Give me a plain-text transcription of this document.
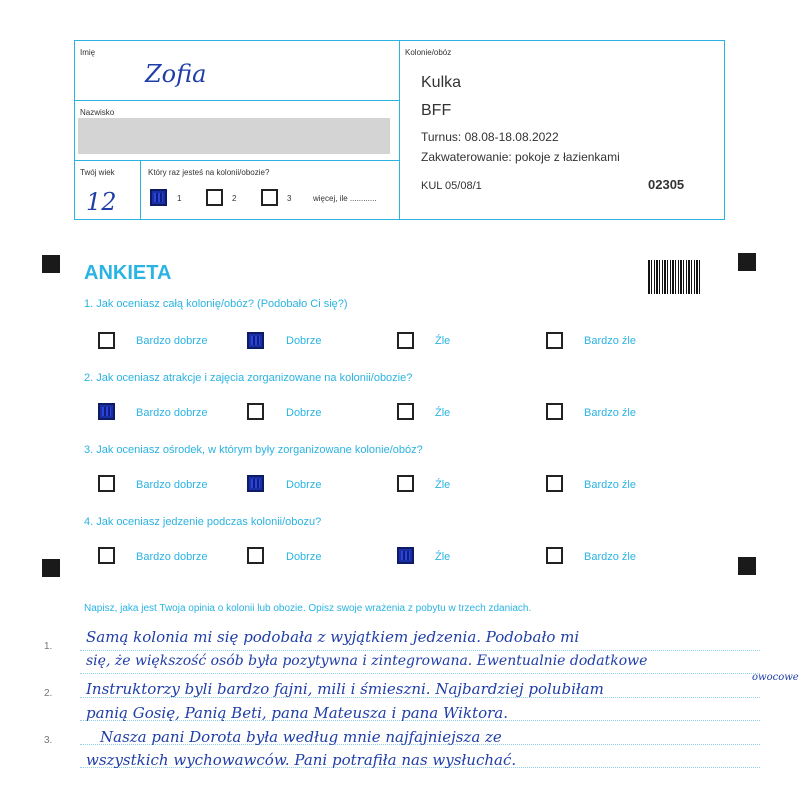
Imię
Zofia
Nazwisko
Twój wiek
12
Który raz jesteś na kolonii/obozie?
1	2	3	więcej, ile ............
Kolonie/obóz
Kulka
BFF
Turnus: 08.08-18.08.2022
Zakwaterowanie: pokoje z łazienkami
KUL 05/08/1	02305
ANKIETA
1. Jak oceniasz całą kolonię/obóz? (Podobało Ci się?)
Bardzo dobrze	Dobrze	Źle	Bardzo źle
2. Jak oceniasz atrakcje i zajęcia zorganizowane na kolonii/obozie?
Bardzo dobrze	Dobrze	Źle	Bardzo źle
3. Jak oceniasz ośrodek, w którym były zorganizowane kolonie/obóz?
Bardzo dobrze	Dobrze	Źle	Bardzo źle
4. Jak oceniasz jedzenie podczas kolonii/obozu?
Bardzo dobrze	Dobrze	Źle	Bardzo źle
Napisz, jaka jest Twoja opinia o kolonii lub obozie. Opisz swoje wrażenia z pobytu w trzech zdaniach.
1.
2.
3.
Samą kolonia mi się podobała z wyjątkiem jedzenia. Podobało mi
się, że większość osób była pozytywna i zintegrowana. Ewentualnie dodatkowe
owocowe
Instruktorzy byli bardzo fajni, mili i śmieszni. Najbardziej polubiłam
panią Gosię, Panią Beti, pana Mateusza i pana Wiktora.
Nasza pani Dorota była według mnie najfajniejsza ze
wszystkich wychowawców. Pani potrafiła nas wysłuchać.
